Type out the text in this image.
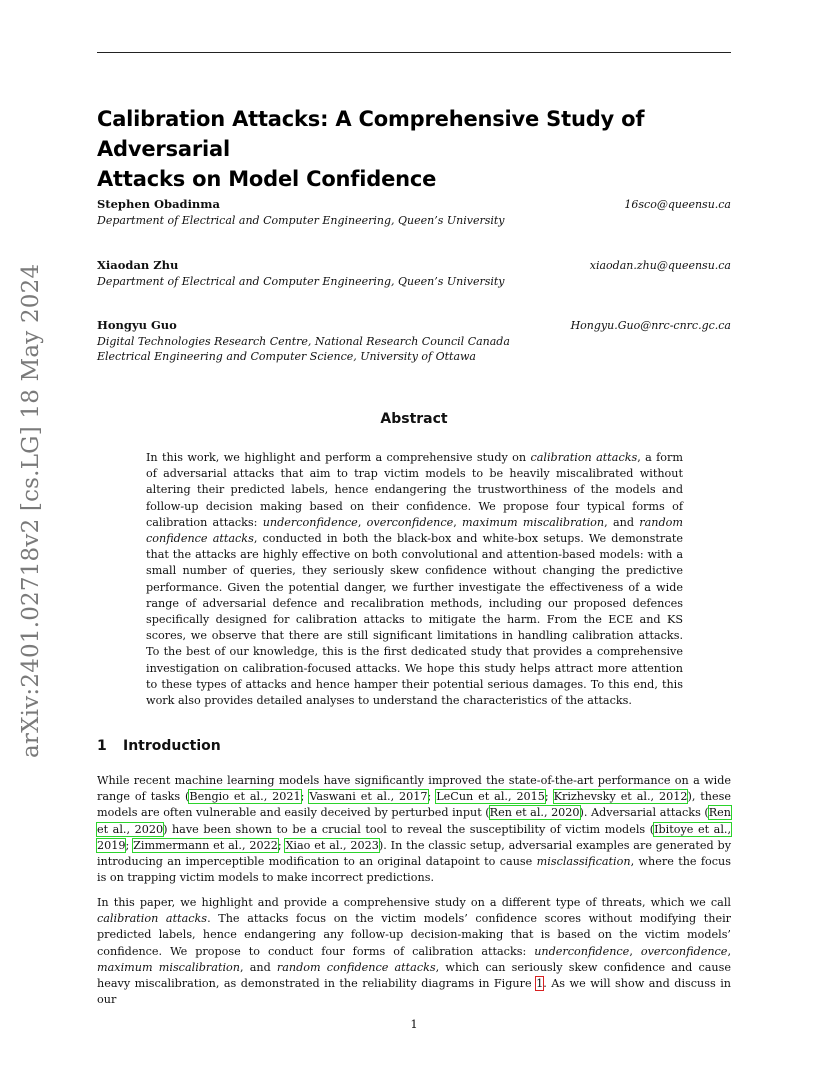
arXiv:2401.02718v2 [cs.LG] 18 May 2024
Calibration Attacks: A Comprehensive Study of Adversarial
Attacks on Model Confidence
Stephen Obadinma
Department of Electrical and Computer Engineering, Queen’s University
16sco@queensu.ca
Xiaodan Zhu
Department of Electrical and Computer Engineering, Queen’s University
xiaodan.zhu@queensu.ca
Hongyu Guo
Digital Technologies Research Centre, National Research Council Canada
Electrical Engineering and Computer Science, University of Ottawa
Hongyu.Guo@nrc-cnrc.gc.ca
Abstract

In this work, we highlight and perform a comprehensive study on calibration attacks, a form of adversarial attacks that aim to trap victim models to be heavily miscalibrated without altering their predicted labels, hence endangering the trustworthiness of the models and follow-up decision making based on their confidence. We propose four typical forms of calibration attacks: underconfidence, overconfidence, maximum miscalibration, and random confidence attacks, conducted in both the black-box and white-box setups. We demonstrate that the attacks are highly effective on both convolutional and attention-based models: with a small number of queries, they seriously skew confidence without changing the predictive performance. Given the potential danger, we further investigate the effectiveness of a wide range of adversarial defence and recalibration methods, including our proposed defences specifically designed for calibration attacks to mitigate the harm. From the ECE and KS scores, we observe that there are still significant limitations in handling calibration attacks. To the best of our knowledge, this is the first dedicated study that provides a comprehensive investigation on calibration-focused attacks. We hope this study helps attract more attention to these types of attacks and hence hamper their potential serious damages. To this end, this work also provides detailed analyses to understand the characteristics of the attacks.

1 Introduction

While recent machine learning models have significantly improved the state-of-the-art performance on a wide range of tasks (Bengio et al., 2021; Vaswani et al., 2017; LeCun et al., 2015; Krizhevsky et al., 2012), these models are often vulnerable and easily deceived by perturbed input (Ren et al., 2020). Adversarial attacks (Ren et al., 2020) have been shown to be a crucial tool to reveal the susceptibility of victim models (Ibitoye et al., 2019; Zimmermann et al., 2022; Xiao et al., 2023). In the classic setup, adversarial examples are generated by introducing an imperceptible modification to an original datapoint to cause misclassification, where the focus is on trapping victim models to make incorrect predictions.

In this paper, we highlight and provide a comprehensive study on a different type of threats, which we call calibration attacks. The attacks focus on the victim models’ confidence scores without modifying their predicted labels, hence endangering any follow-up decision-making that is based on the victim models’ confidence. We propose to conduct four forms of calibration attacks: underconfidence, overconfidence, maximum miscalibration, and random confidence attacks, which can seriously skew confidence and cause heavy miscalibration, as demonstrated in the reliability diagrams in Figure 1. As we will show and discuss in our

1
